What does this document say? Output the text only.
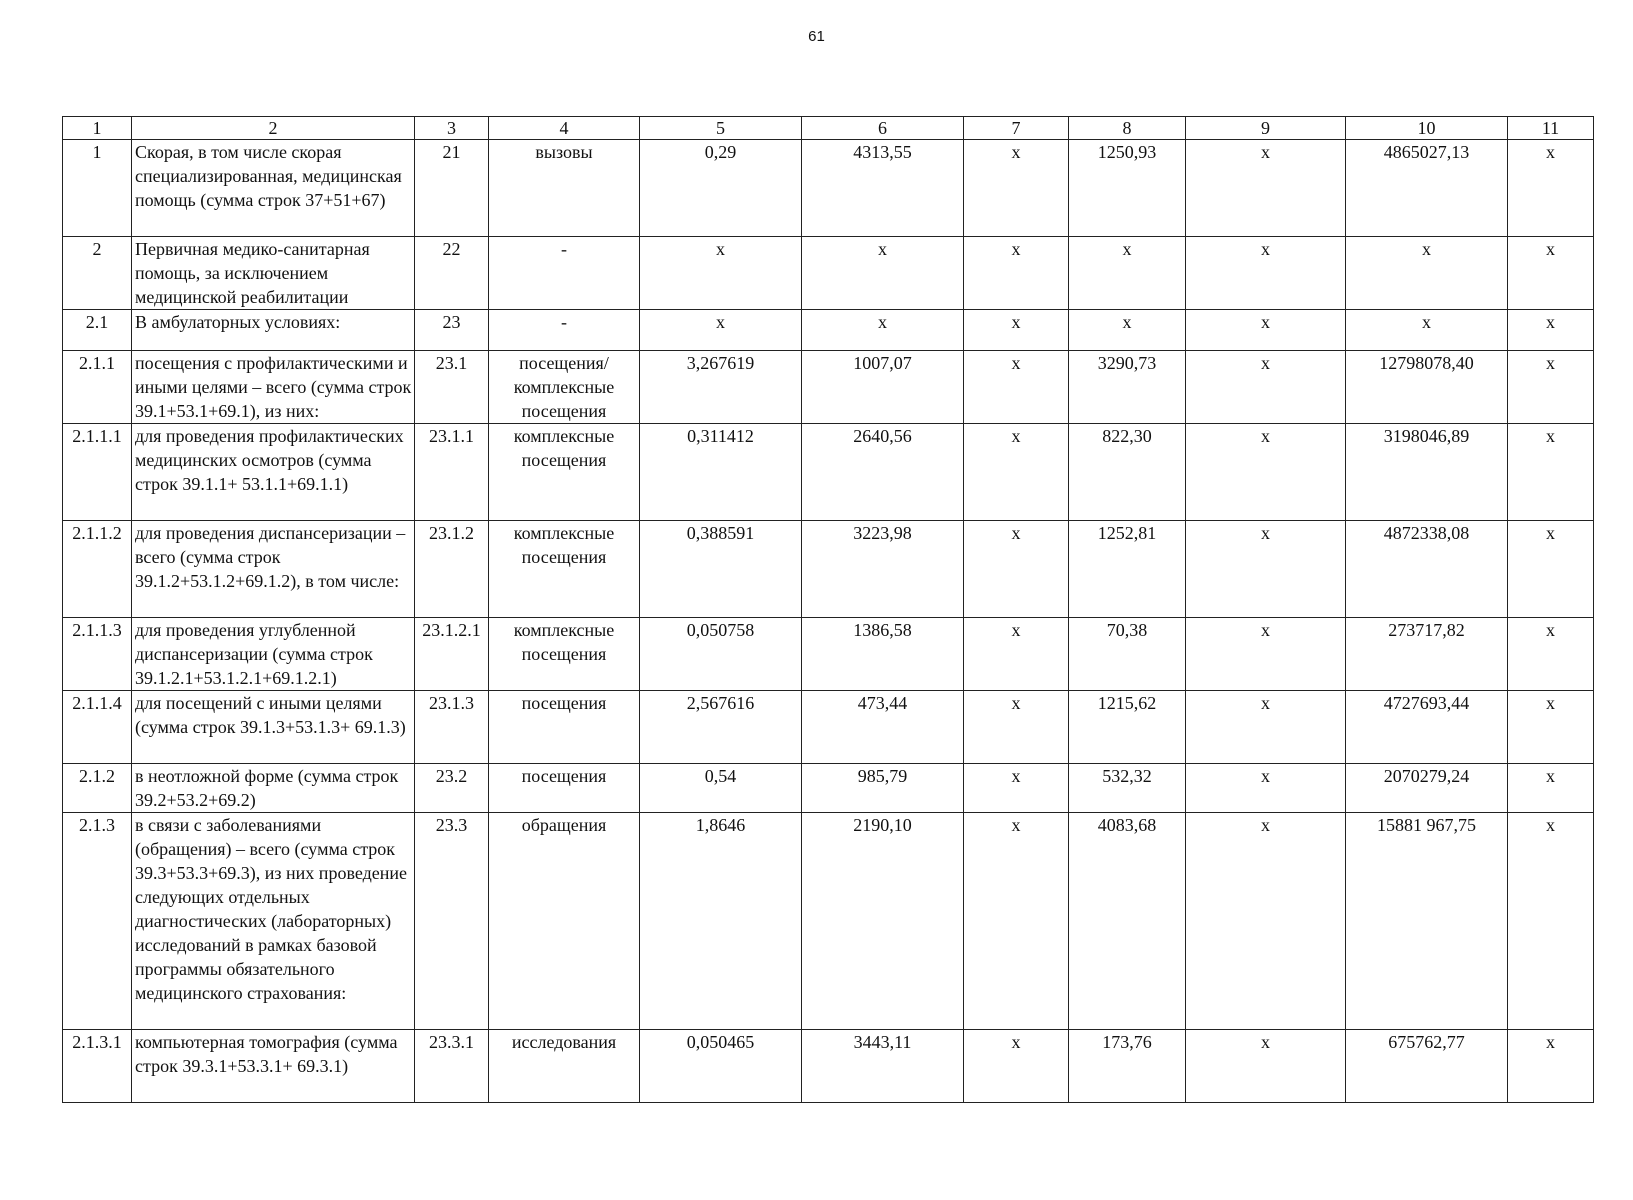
61
1	2	3	4	5	6	7	8	9	10	11
1	Скорая, в том числе скорая специализированная, медицинская помощь (сумма строк 37+51+67)	21	вызовы	0,29	4313,55	x	1250,93	x	4865027,13	x
2	Первичная медико-санитарная помощь, за исключением медицинской реабилитации	22	-	x	x	x	x	x	x	x
2.1	В амбулаторных условиях:	23	-	x	x	x	x	x	x	x
2.1.1	посещения с профилактическими и иными целями – всего (сумма строк 39.1+53.1+69.1), из них:	23.1	посещения/ комплексные посещения	3,267619	1007,07	x	3290,73	x	12798078,40	x
2.1.1.1	для проведения профилактических медицинских осмотров (сумма строк 39.1.1+ 53.1.1+69.1.1)	23.1.1	комплексные посещения	0,311412	2640,56	x	822,30	x	3198046,89	x
2.1.1.2	для проведения диспансеризации – всего (сумма строк 39.1.2+53.1.2+69.1.2), в том числе:	23.1.2	комплексные посещения	0,388591	3223,98	x	1252,81	x	4872338,08	x
2.1.1.3	для проведения углубленной диспансеризации (сумма строк 39.1.2.1+53.1.2.1+69.1.2.1)	23.1.2.1	комплексные посещения	0,050758	1386,58	x	70,38	x	273717,82	x
2.1.1.4	для посещений с иными целями (сумма строк 39.1.3+53.1.3+ 69.1.3)	23.1.3	посещения	2,567616	473,44	x	1215,62	x	4727693,44	x
2.1.2	в неотложной форме (сумма строк 39.2+53.2+69.2)	23.2	посещения	0,54	985,79	x	532,32	x	2070279,24	x
2.1.3	в связи с заболеваниями (обращения) – всего (сумма строк 39.3+53.3+69.3), из них проведение следующих отдельных диагностических (лабораторных) исследований в рамках базовой программы обязательного медицинского страхования:	23.3	обращения	1,8646	2190,10	x	4083,68	x	15881 967,75	x
2.1.3.1	компьютерная томография (сумма строк 39.3.1+53.3.1+ 69.3.1)	23.3.1	исследования	0,050465	3443,11	x	173,76	x	675762,77	x
